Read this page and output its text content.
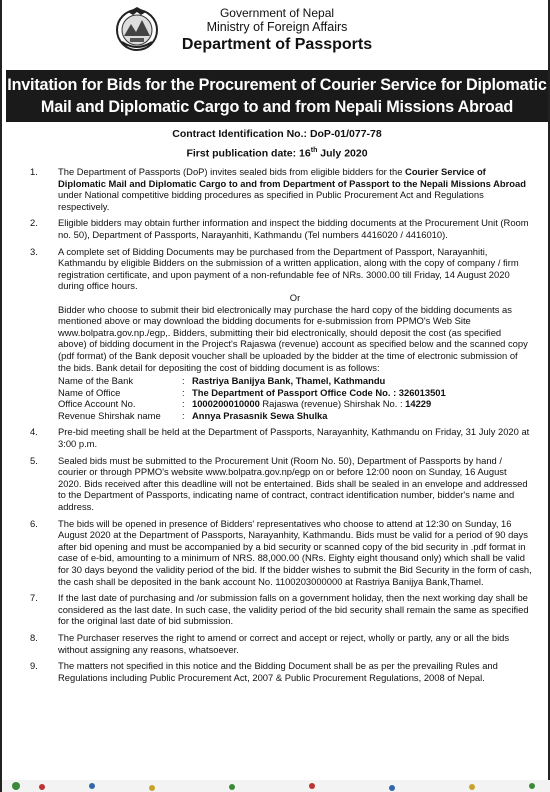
Government of Nepal
Ministry of Foreign Affairs
Department of Passports
Invitation for Bids for the Procurement of Courier Service for Diplomatic
Mail and Diplomatic Cargo to and from Nepali Missions Abroad
Contract Identification No.: DoP-01/077-78
First publication date: 16th July 2020
1. The Department of Passports (DoP) invites sealed bids from eligible bidders for the Courier Service of Diplomatic Mail and Diplomatic Cargo to and from Department of Passport to the Nepali Missions Abroad under National competitive bidding procedures as specified in Public Procurement Act and Regulations respectively.

2. Eligible bidders may obtain further information and inspect the bidding documents at the Procurement Unit (Room no. 50), Department of Passports, Narayanhiti, Kathmandu (Tel numbers 4416020 / 4416010).

3. A complete set of Bidding Documents may be purchased from the Department of Passport, Narayanhiti, Kathmandu by eligible Bidders on the submission of a written application, along with the copy of company / firm registration certificate, and upon payment of a non-refundable fee of NRs. 3000.00 till Friday, 14 August 2020 during office hours.

Or

Bidder who choose to submit their bid electronically may purchase the hard copy of the bidding documents as mentioned above or may download the bidding documents for e-submission from PPMO's Web Site www.bolpatra.gov.np./egp,. Bidders, submitting their bid electronically, should deposit the cost (as specified above) of bidding document in the Project's Rajaswa (revenue) account as specified below and the scanned copy (pdf format) of the Bank deposit voucher shall be uploaded by the bidder at the time of electronic submission of the bids. Bank detail for depositing the cost of bidding document is as follows:

Name of the Bank	: Rastriya Banijya Bank, Thamel, Kathmandu
Name of Office	: The Department of Passport Office Code No. : 326013501
Office Account No.	: 1000200010000 Rajaswa (revenue) Shirshak No. : 14229
Revenue Shirshak name	: Annya Prasasnik Sewa Shulka
4. Pre-bid meeting shall be held at the Department of Passports, Narayanhity, Kathmandu on Friday, 31 July 2020 at 3:00 p.m.

5. Sealed bids must be submitted to the Procurement Unit (Room No. 50), Department of Passports by hand / courier or through PPMO's website www.bolpatra.gov.np/egp on or before 12:00 noon on Sunday, 16 August 2020. Bids received after this deadline will not be entertained. Bids shall be sealed in an envelope and addressed to the Department of Passports, indicating name of contract, contract identification number, bidder's name and address.

6. The bids will be opened in presence of Bidders' representatives who choose to attend at 12:30 on Sunday, 16 August 2020 at the Department of Passports, Narayanhity, Kathmandu. Bids must be valid for a period of 90 days after bid opening and must be accompanied by a bid security or scanned copy of the bid security in .pdf format in case of e-bid, amounting to a minimum of NRS. 88,000.00 (NRs. Eighty eight thousand only) which shall be valid for 30 days beyond the validity period of the bid. If the bidder wishes to submit the Bid Security in the form of cash, the cash shall be deposited in the bank account No. 1100203000000 at Rastriya Banijya Bank,Thamel.

7. If the last date of purchasing and /or submission falls on a government holiday, then the next working day shall be considered as the last date. In such case, the validity period of the bid security shall remain the same as specified for the original last date of bid submission.

8. The Purchaser reserves the right to amend or correct and accept or reject, wholly or partly, any or all the bids without assigning any reasons, whatsoever.

9. The matters not specified in this notice and the Bidding Document shall be as per the prevailing Rules and Regulations including Public Procurement Act, 2007 & Public Procurement Regulations, 2008 of Nepal.
